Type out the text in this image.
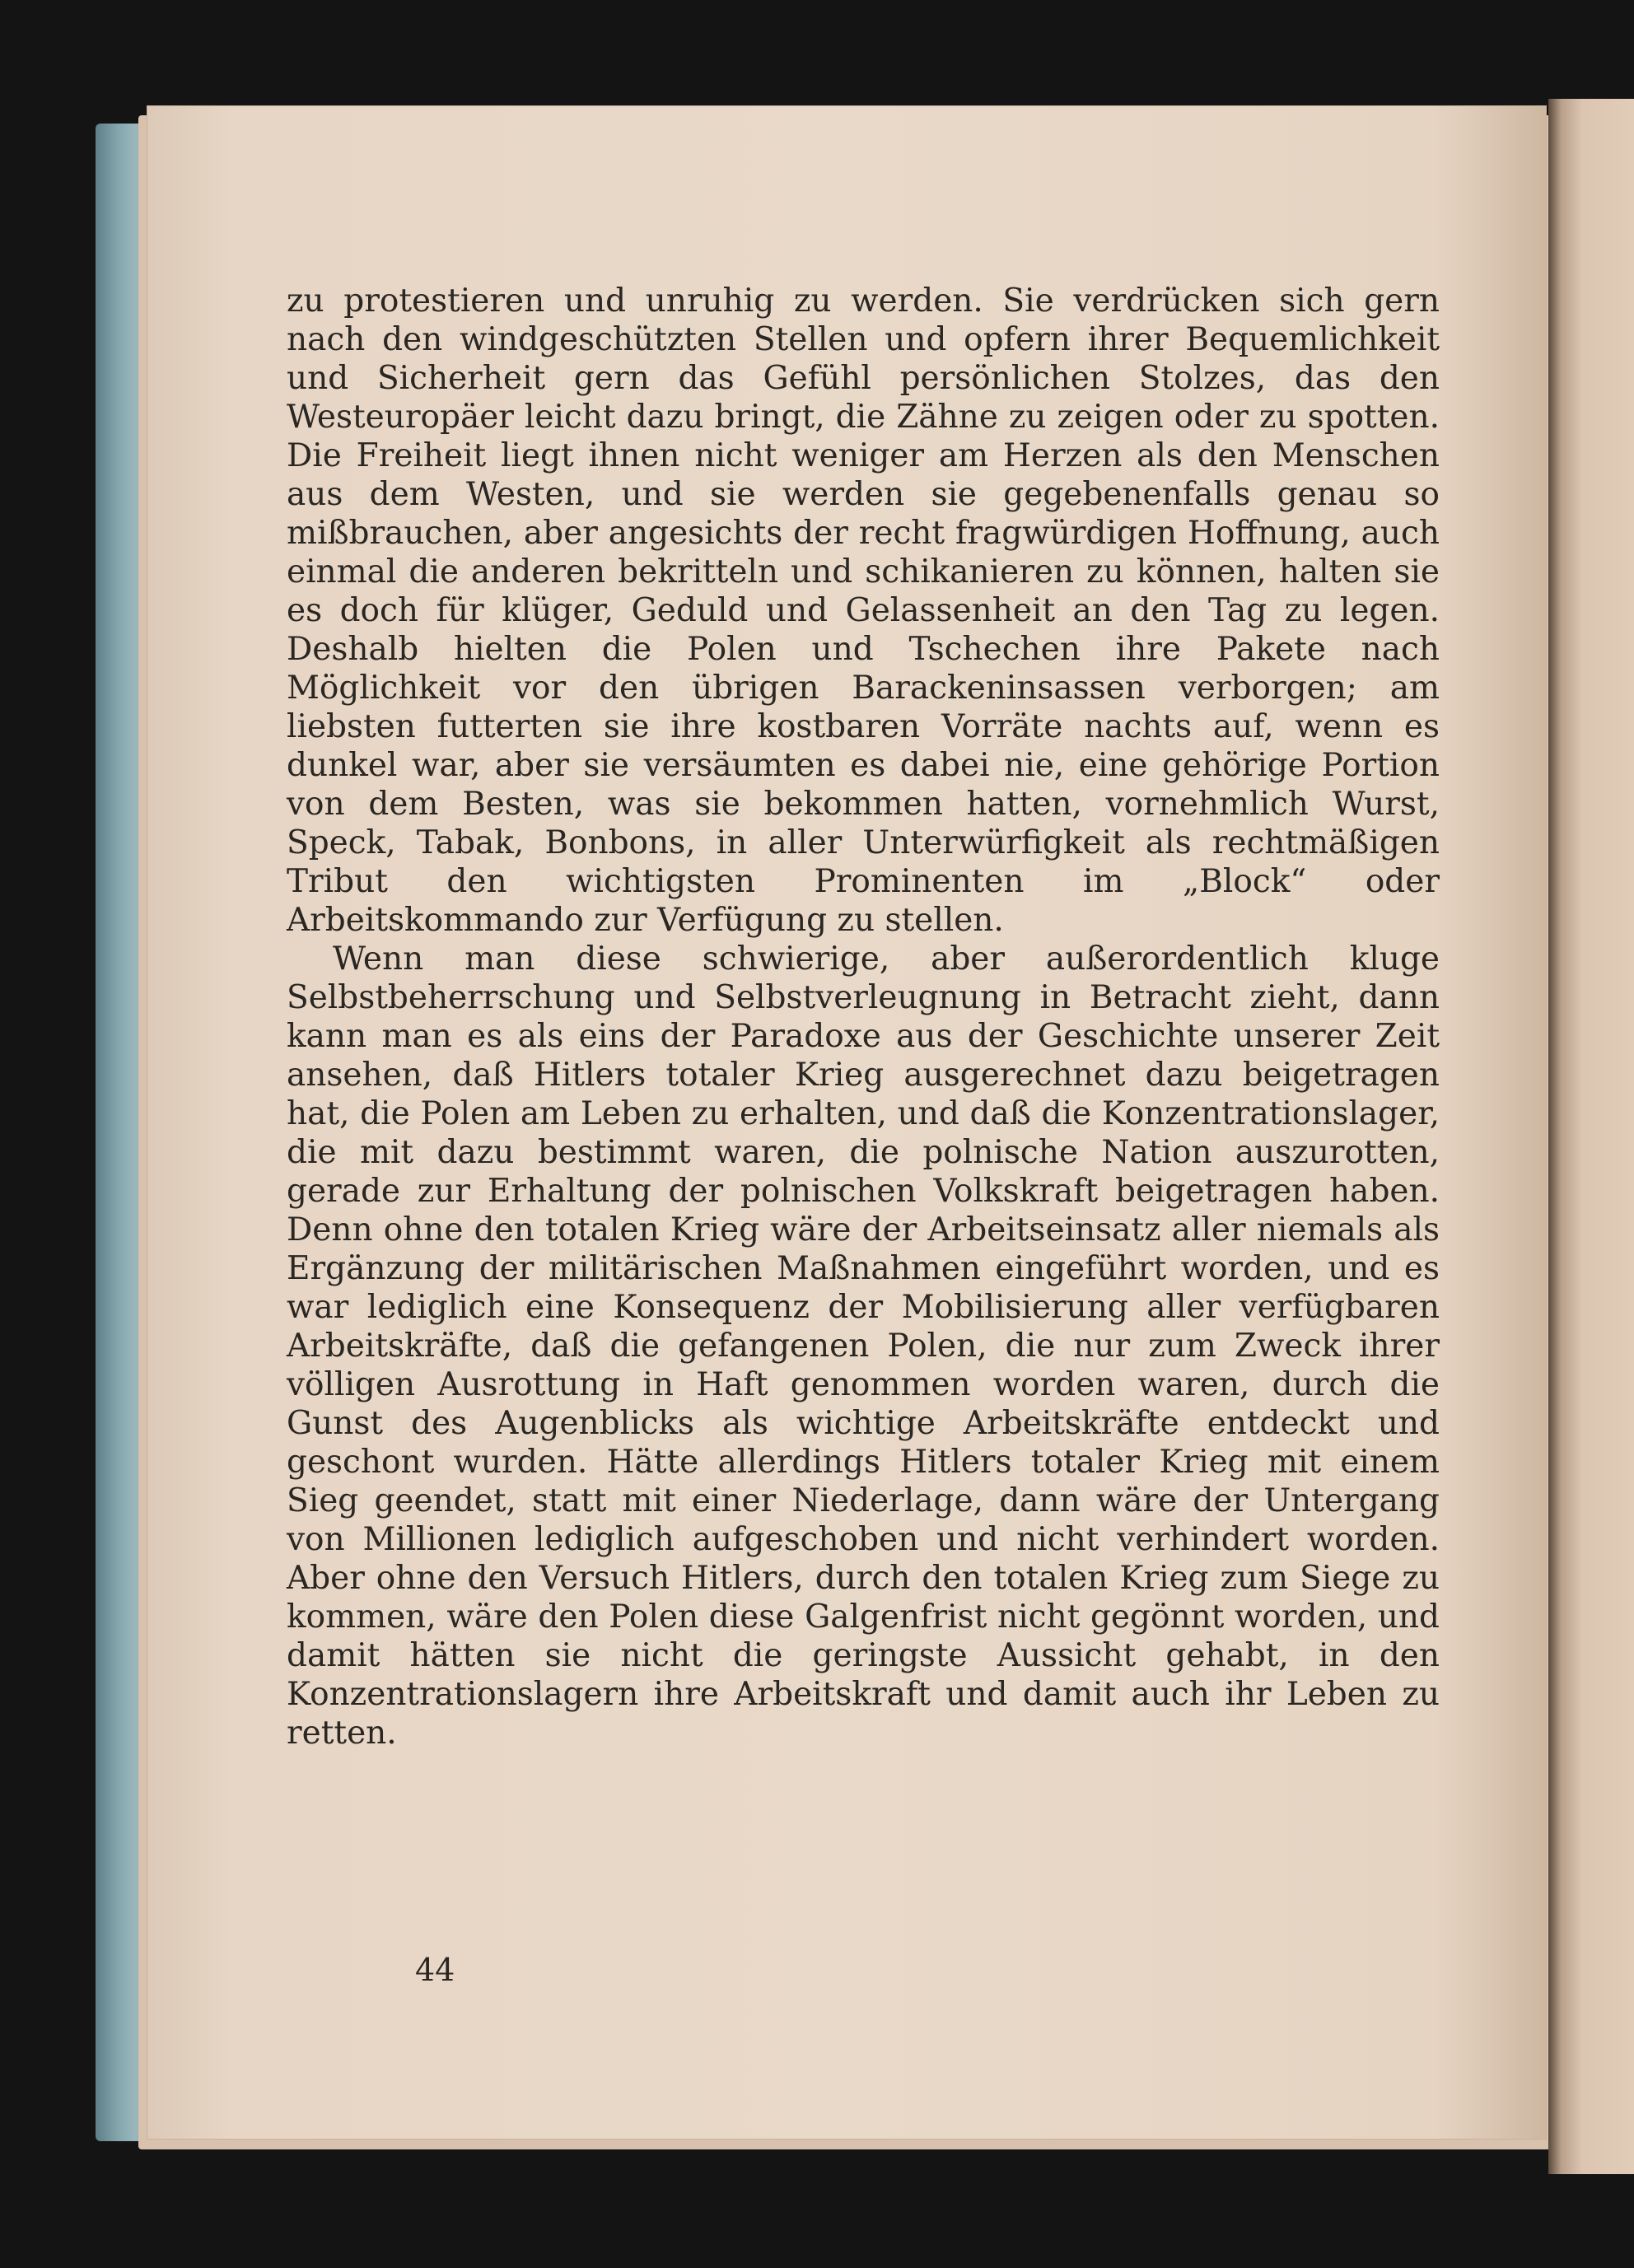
zu protestieren und unruhig zu werden. Sie verdrücken sich gern nach den windgeschützten Stellen und opfern ihrer Bequemlichkeit und Sicherheit gern das Gefühl persönlichen Stolzes, das den Westeuropäer leicht dazu bringt, die Zähne zu zeigen oder zu spotten. Die Freiheit liegt ihnen nicht weniger am Herzen als den Menschen aus dem Westen, und sie werden sie gegebenenfalls genau so mißbrauchen, aber angesichts der recht fragwürdigen Hoffnung, auch einmal die anderen bekritteln und schikanieren zu können, halten sie es doch für klüger, Geduld und Gelassenheit an den Tag zu legen. Deshalb hielten die Polen und Tschechen ihre Pakete nach Möglichkeit vor den übrigen Barackeninsassen verborgen; am liebsten futterten sie ihre kostbaren Vorräte nachts auf, wenn es dunkel war, aber sie versäumten es dabei nie, eine gehörige Portion von dem Besten, was sie bekommen hatten, vornehmlich Wurst, Speck, Tabak, Bonbons, in aller Unterwürfigkeit als rechtmäßigen Tribut den wichtigsten Prominenten im „Block“ oder Arbeitskommando zur Verfügung zu stellen.

Wenn man diese schwierige, aber außerordentlich kluge Selbstbeherrschung und Selbstverleugnung in Betracht zieht, dann kann man es als eins der Paradoxe aus der Geschichte unserer Zeit ansehen, daß Hitlers totaler Krieg ausgerechnet dazu beigetragen hat, die Polen am Leben zu erhalten, und daß die Konzentrationslager, die mit dazu bestimmt waren, die polnische Nation auszurotten, gerade zur Erhaltung der polnischen Volkskraft beigetragen haben. Denn ohne den totalen Krieg wäre der Arbeitseinsatz aller niemals als Ergänzung der militärischen Maßnahmen eingeführt worden, und es war lediglich eine Konsequenz der Mobilisierung aller verfügbaren Arbeitskräfte, daß die gefangenen Polen, die nur zum Zweck ihrer völligen Ausrottung in Haft genommen worden waren, durch die Gunst des Augenblicks als wichtige Arbeitskräfte entdeckt und geschont wurden. Hätte allerdings Hitlers totaler Krieg mit einem Sieg geendet, statt mit einer Niederlage, dann wäre der Untergang von Millionen lediglich aufgeschoben und nicht verhindert worden. Aber ohne den Versuch Hitlers, durch den totalen Krieg zum Siege zu kommen, wäre den Polen diese Galgenfrist nicht gegönnt worden, und damit hätten sie nicht die geringste Aussicht gehabt, in den Konzentrationslagern ihre Arbeitskraft und damit auch ihr Leben zu retten.

44
